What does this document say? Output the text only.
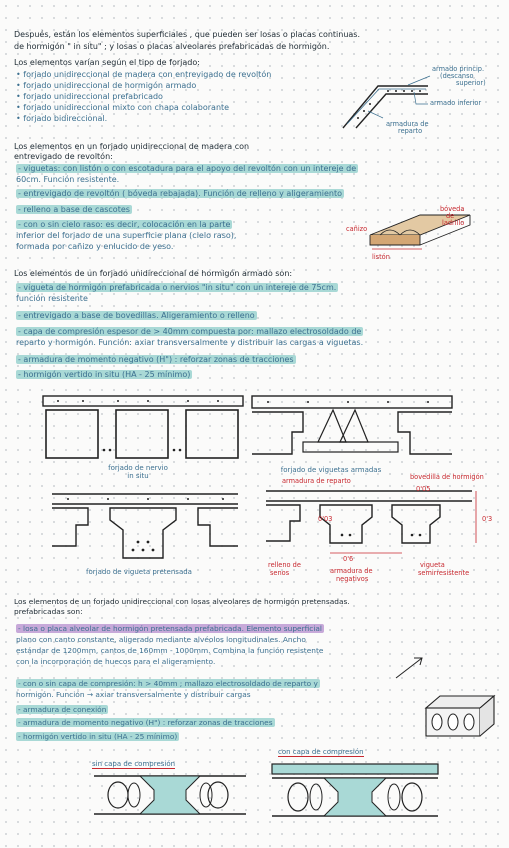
Después, están los elementos superficiales , que pueden ser losas o placas continuas.
de hormigón " in situ" ; y losas o placas alveolares prefabricadas de hormigón.
Los elementos varían según el tipo de forjado:
• forjado unidireccional de madera con entrevigado de revoltón
• forjado unidireccional de hormigón armado
• forjado unidireccional prefabricado
• forjado unidireccional mixto con chapa colaborante
• forjado bidireccional.
armado princip.
(descanso
superior)
armado inferior
armadura de
reparto
Los elementos en un forjado unidireccional de madera con
entrevigado de revoltón:
- viguetas: con listón o con escotadura para el apoyo del revoltón con un intereje de
60cm. Función resistente.
- entrevigado de revoltón ( bóveda rebajada). Función de relleno y aligeramiento
- relleno a base de cascotes
- con o sin cielo raso: es decir, colocación en la parte
inferior del forjado de una superficie plana (cielo raso),
formada por cañizo y enlucido de yeso.
bóveda
de
ladrillo
cañizo
listón
Los elementos de un forjado unidireccional de hormigón armado son:
- vigueta de hormigón prefabricada o nervios "in situ" con un intereje de 75cm.
función resistente
- entrevigado a base de bovedillas. Aligeramiento o relleno
- capa de compresión espesor de > 40mm compuesta por: mallazo electrosoldado de
reparto y hormigón. Función: axiar transversalmente y distribuir las cargas a viguetas.
- armadura de momento negativo (H") : reforzar zonas de tracciones
- hormigón vertido in situ (HA - 25 mínimo)
forjado de nervio
in situ
forjado de viguetas armadas
forjado de vigueta pretensada
armadura de reparto	bovedilla de hormigón
0'05
0'03	0'3
0'6
relleno de
senos	armadura de
negativos
vigueta
semirresistente
Los elementos de un forjado unidireccional con losas alveolares de hormigón pretensadas.
prefabricadas son:
- losa o placa alveolar de hormigón pretensada prefabricada. Elemento superficial
plano con canto constante, aligerado mediante alvéolos longitudinales. Ancho
estándar de 1200mm, cantos de 160mm - 1000mm. Combina la función resistente
con la incorporación de huecos para el aligeramiento.
- con o sin capa de compresión: h > 40mm ; mallazo electrosoldado de reparto y
hormigón. Función → axiar transversalmente y distribuir cargas
- armadura de conexión
- armadura de momento negativo (H") : reforzar zonas de tracciones
- hormigón vertido in situ (HA - 25 mínimo)
sin capa de compresión
con capa de compresión
